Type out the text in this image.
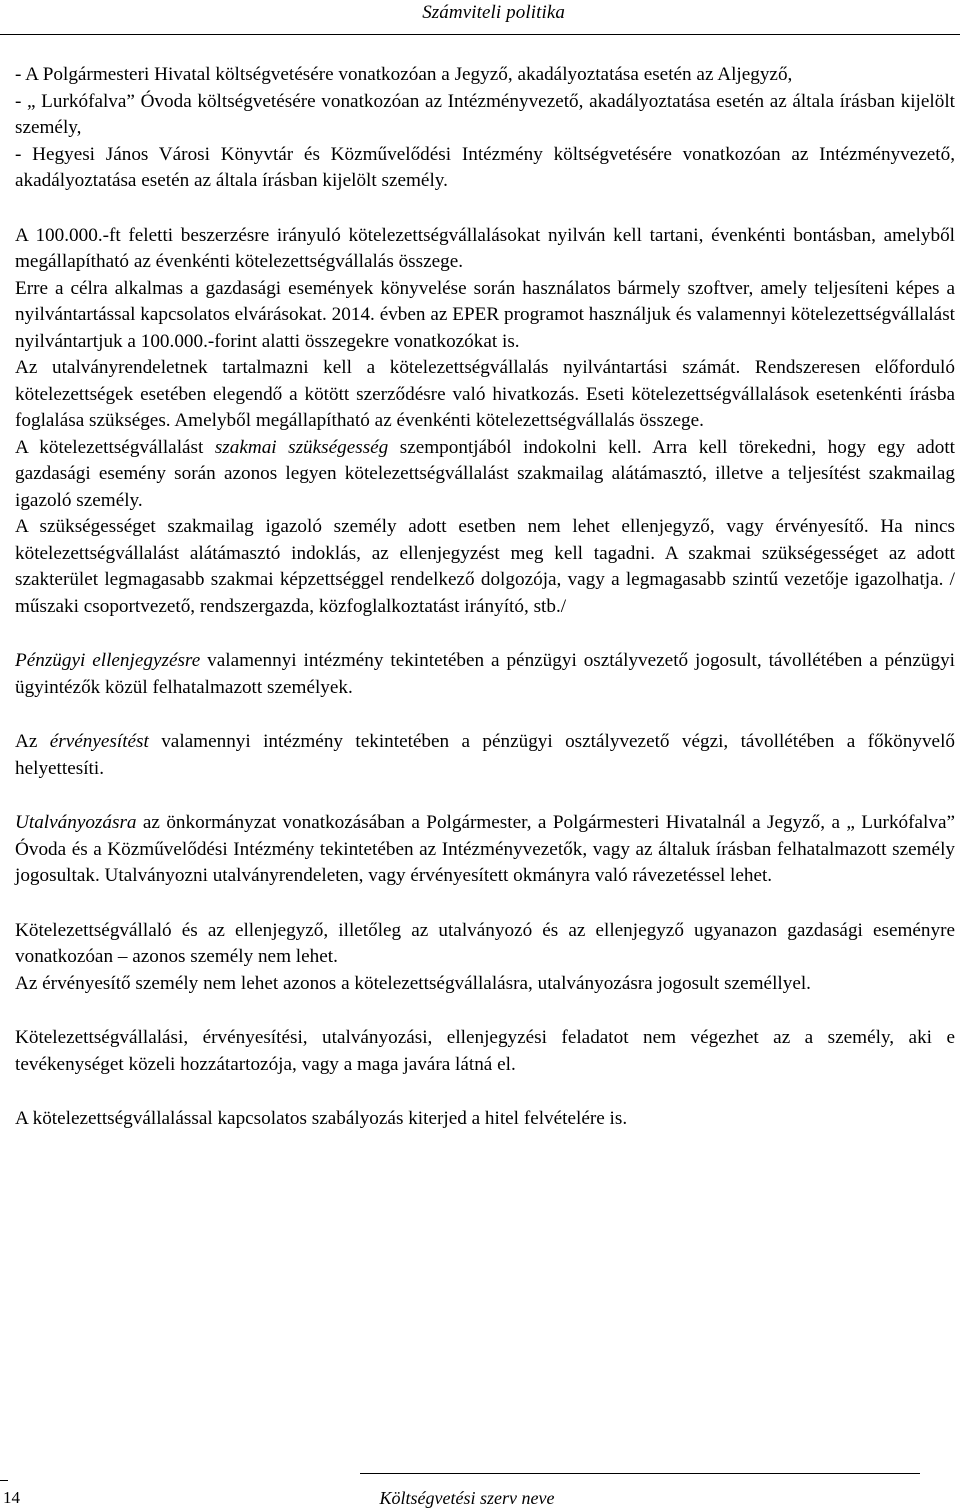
Számviteli politika

- A Polgármesteri Hivatal költségvetésére vonatkozóan a Jegyző, akadályoztatása esetén az Aljegyző,

- „ Lurkófalva” Óvoda költségvetésére vonatkozóan az Intézményvezető, akadályoztatása esetén az általa írásban kijelölt személy,

- Hegyesi János Városi Könyvtár és Közművelődési Intézmény költségvetésére vonatkozóan az Intézményvezető, akadályoztatása esetén az általa írásban kijelölt személy.

A 100.000.-ft feletti beszerzésre irányuló kötelezettségvállalásokat nyilván kell tartani, évenkénti bontásban, amelyből megállapítható az évenkénti kötelezettségvállalás összege.

Erre a célra alkalmas a gazdasági események könyvelése során használatos bármely szoftver, amely teljesíteni képes a nyilvántartással kapcsolatos elvárásokat. 2014. évben az EPER programot használjuk és valamennyi kötelezettségvállalást nyilvántartjuk a 100.000.-forint alatti összegekre vonatkozókat is.

Az utalványrendeletnek tartalmazni kell a kötelezettségvállalás nyilvántartási számát. Rendszeresen előforduló kötelezettségek esetében elegendő a kötött szerződésre való hivatkozás. Eseti kötelezettségvállalások esetenkénti írásba foglalása szükséges. Amelyből megállapítható az évenkénti kötelezettségvállalás összege.

A kötelezettségvállalást szakmai szükségesség szempontjából indokolni kell. Arra kell törekedni, hogy egy adott gazdasági esemény során azonos legyen kötelezettségvállalást szakmailag alátámasztó, illetve a teljesítést szakmailag igazoló személy.

A szükségességet szakmailag igazoló személy adott esetben nem lehet ellenjegyző, vagy érvényesítő. Ha nincs kötelezettségvállalást alátámasztó indoklás, az ellenjegyzést meg kell tagadni. A szakmai szükségességet az adott szakterület legmagasabb szakmai képzettséggel rendelkező dolgozója, vagy a legmagasabb szintű vezetője igazolhatja. / műszaki csoportvezető, rendszergazda, közfoglalkoztatást irányító, stb./

Pénzügyi ellenjegyzésre valamennyi intézmény tekintetében a pénzügyi osztályvezető jogosult, távollétében a pénzügyi ügyintézők közül felhatalmazott személyek.

Az érvényesítést valamennyi intézmény tekintetében a pénzügyi osztályvezető végzi, távollétében a főkönyvelő helyettesíti.

Utalványozásra az önkormányzat vonatkozásában a Polgármester, a Polgármesteri Hivatalnál a Jegyző, a „ Lurkófalva” Óvoda és a Közművelődési Intézmény tekintetében az Intézményvezetők, vagy az általuk írásban felhatalmazott személy jogosultak. Utalványozni utalványrendeleten, vagy érvényesített okmányra való rávezetéssel lehet.

Kötelezettségvállaló és az ellenjegyző, illetőleg az utalványozó és az ellenjegyző ugyanazon gazdasági eseményre vonatkozóan – azonos személy nem lehet.

Az érvényesítő személy nem lehet azonos a kötelezettségvállalásra, utalványozásra jogosult személlyel.

Kötelezettségvállalási, érvényesítési, utalványozási, ellenjegyzési feladatot nem végezhet az a személy, aki e tevékenységet közeli hozzátartozója, vagy a maga javára látná el.

A kötelezettségvállalással kapcsolatos szabályozás kiterjed a hitel felvételére is.

14	Költségvetési szerv neve
